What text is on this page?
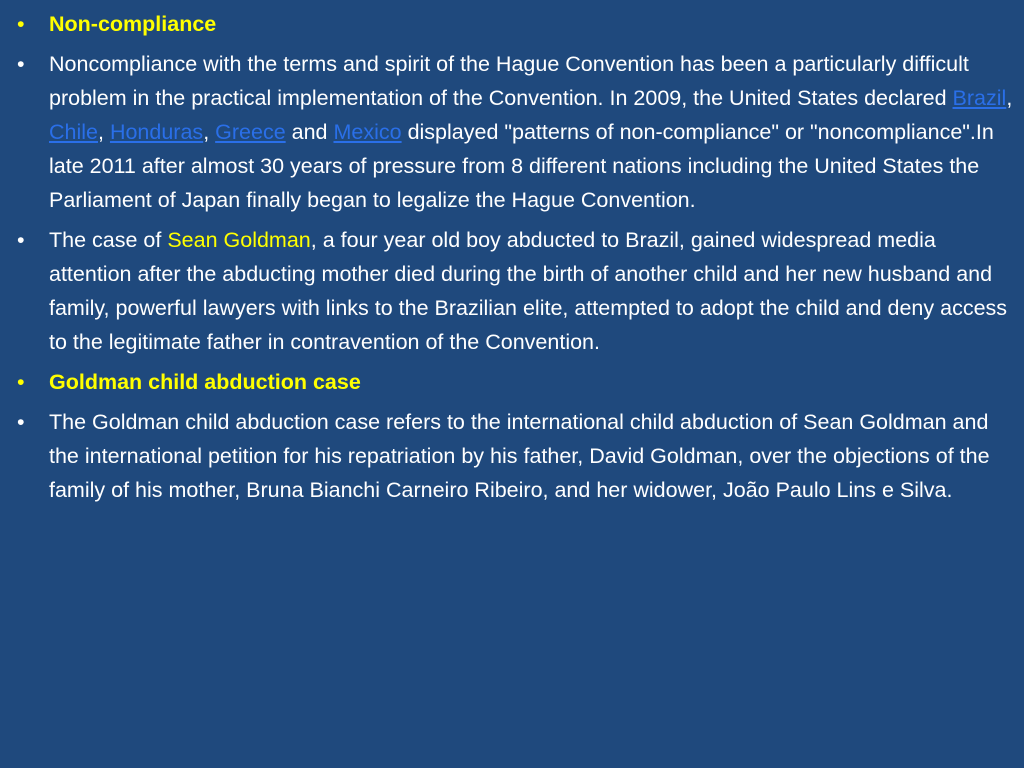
•	Non-compliance
•	Noncompliance with the terms and spirit of the Hague Convention has been a particularly difficult problem in the practical implementation of the Convention. In 2009, the United States declared Brazil, Chile, Honduras, Greece and Mexico displayed "patterns of non-compliance" or "noncompliance".In late 2011 after almost 30 years of pressure from 8 different nations including the United States the Parliament of Japan finally began to legalize the Hague Convention.
•	The case of Sean Goldman, a four year old boy abducted to Brazil, gained widespread media attention after the abducting mother died during the birth of another child and her new husband and family, powerful lawyers with links to the Brazilian elite, attempted to adopt the child and deny access to the legitimate father in contravention of the Convention.
•	Goldman child abduction case
•	The Goldman child abduction case refers to the international child abduction of Sean Goldman and the international petition for his repatriation by his father, David Goldman, over the objections of the family of his mother, Bruna Bianchi Carneiro Ribeiro, and her widower, João Paulo Lins e Silva.
